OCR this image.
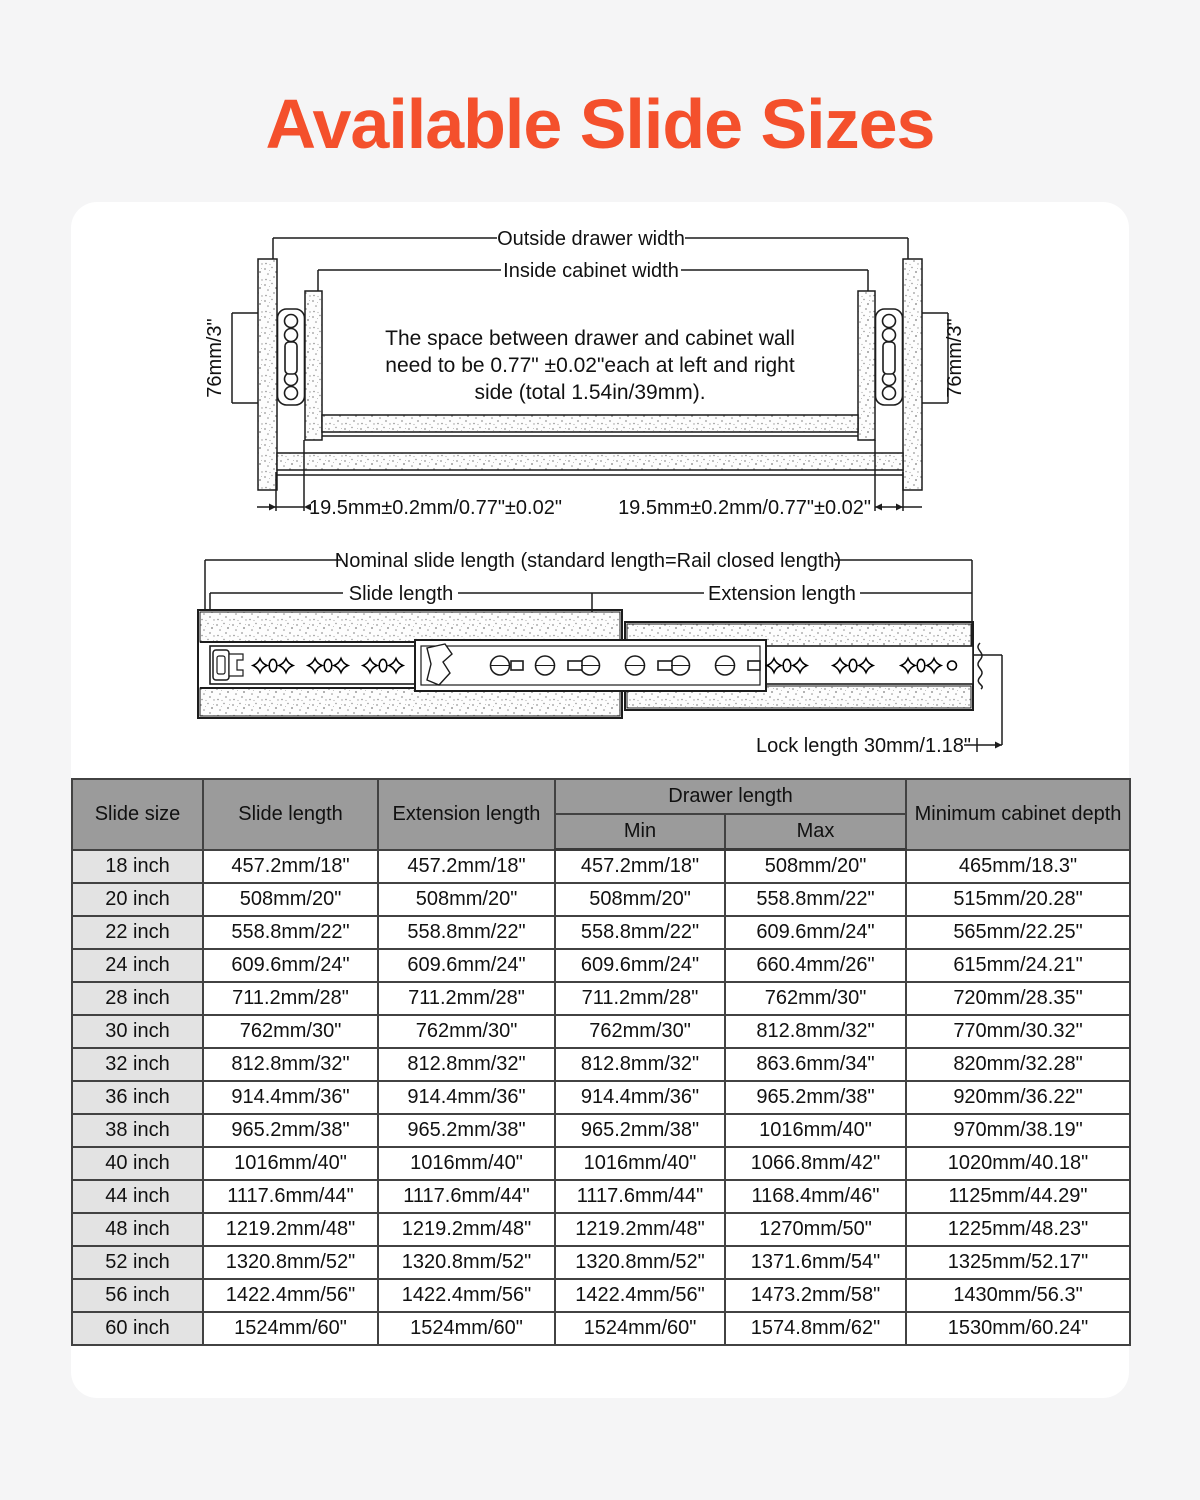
Available Slide Sizes
Outside drawer width
Inside cabinet width
76mm/3"	76mm/3"
The space between drawer and cabinet wall
need to be 0.77" ±0.02"each at left and right
side (total 1.54in/39mm).
19.5mm±0.2mm/0.77"±0.02"	19.5mm±0.2mm/0.77"±0.02"
Nominal slide length (standard length=Rail closed length)
Slide length	Extension length
Lock length 30mm/1.18"
Slide size	Slide length	Extension length	Drawer length		Minimum cabinet depth
			Min	Max	
18 inch	457.2mm/18"	457.2mm/18"	457.2mm/18"	508mm/20"	465mm/18.3"
20 inch	508mm/20"	508mm/20"	508mm/20"	558.8mm/22"	515mm/20.28"
22 inch	558.8mm/22"	558.8mm/22"	558.8mm/22"	609.6mm/24"	565mm/22.25"
24 inch	609.6mm/24"	609.6mm/24"	609.6mm/24"	660.4mm/26"	615mm/24.21"
28 inch	711.2mm/28"	711.2mm/28"	711.2mm/28"	762mm/30"	720mm/28.35"
30 inch	762mm/30"	762mm/30"	762mm/30"	812.8mm/32"	770mm/30.32"
32 inch	812.8mm/32"	812.8mm/32"	812.8mm/32"	863.6mm/34"	820mm/32.28"
36 inch	914.4mm/36"	914.4mm/36"	914.4mm/36"	965.2mm/38"	920mm/36.22"
38 inch	965.2mm/38"	965.2mm/38"	965.2mm/38"	1016mm/40"	970mm/38.19"
40 inch	1016mm/40"	1016mm/40"	1016mm/40"	1066.8mm/42"	1020mm/40.18"
44 inch	1117.6mm/44"	1117.6mm/44"	1117.6mm/44"	1168.4mm/46"	1125mm/44.29"
48 inch	1219.2mm/48"	1219.2mm/48"	1219.2mm/48"	1270mm/50"	1225mm/48.23"
52 inch	1320.8mm/52"	1320.8mm/52"	1320.8mm/52"	1371.6mm/54"	1325mm/52.17"
56 inch	1422.4mm/56"	1422.4mm/56"	1422.4mm/56"	1473.2mm/58"	1430mm/56.3"
60 inch	1524mm/60"	1524mm/60"	1524mm/60"	1574.8mm/62"	1530mm/60.24"
